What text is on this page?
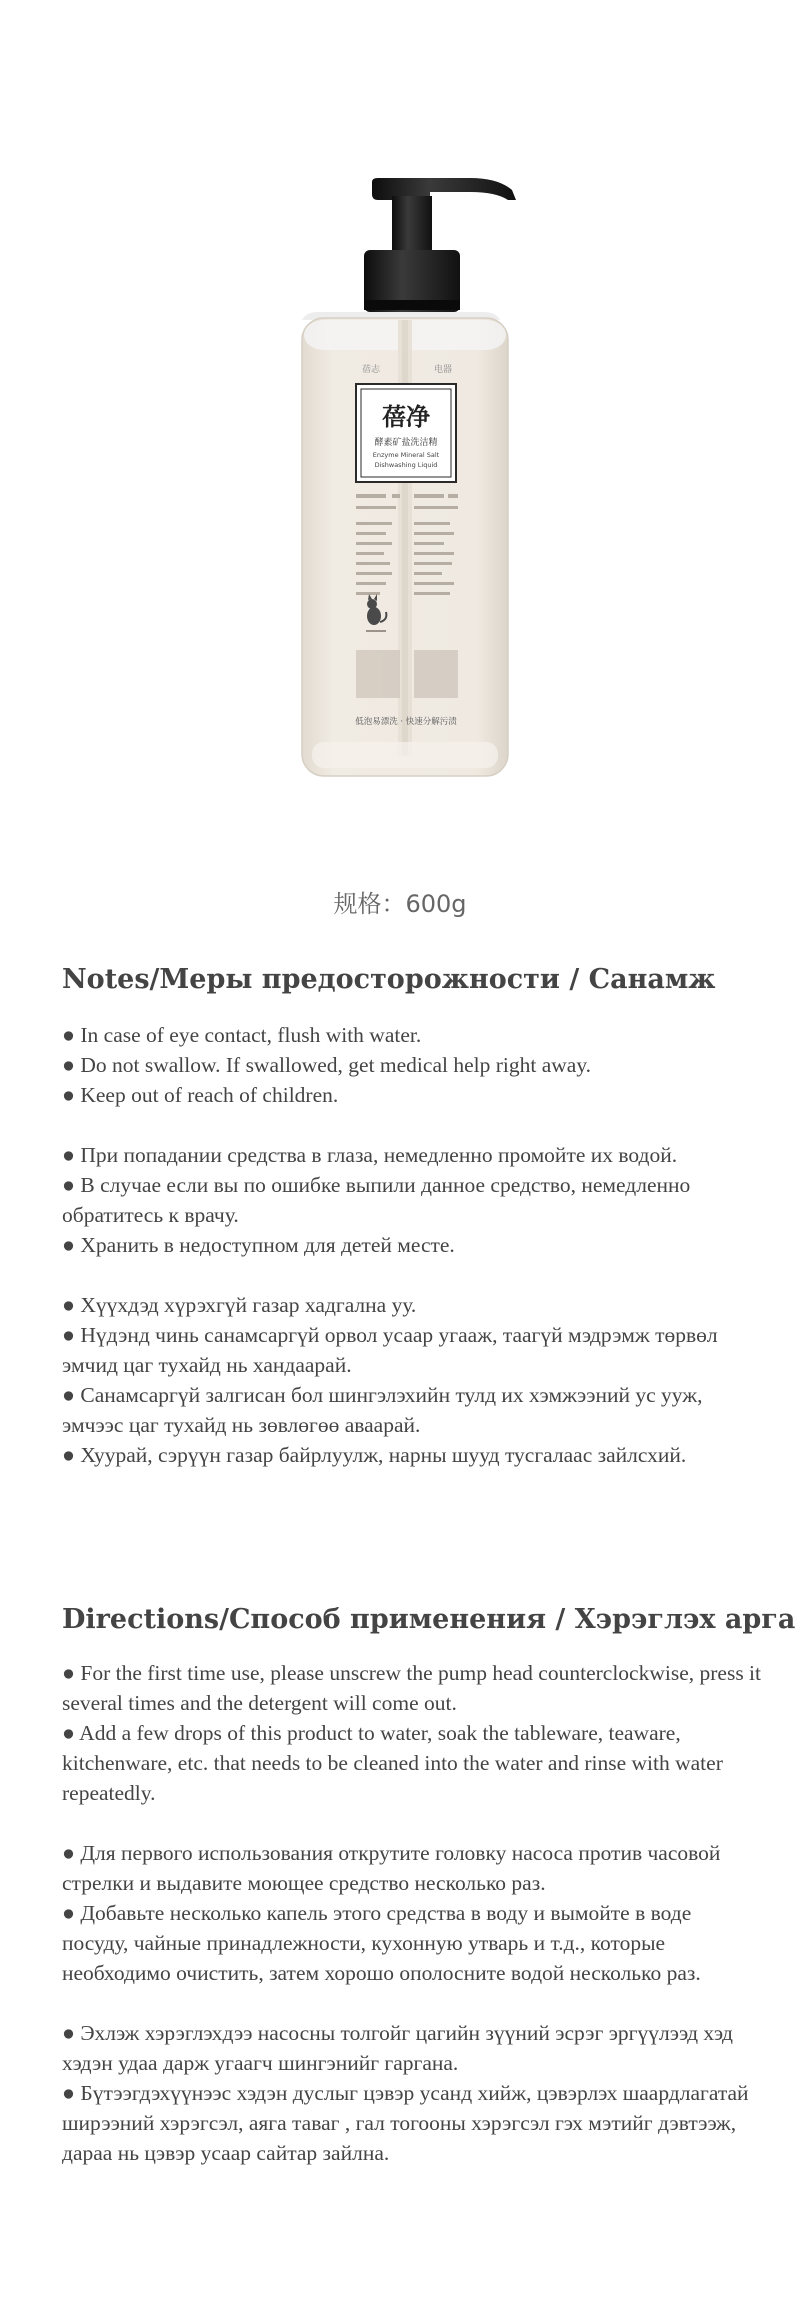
蓓志	电器
蓓净
酵素矿盐洗洁精
Enzyme Mineral Salt
Dishwashing Liquid
低泡易漂洗 · 快速分解污渍
规格：600g
Notes/Меры предосторожности / Санамж

● In case of eye contact, flush with water.

● Do not swallow. If swallowed, get medical help right away.

● Keep out of reach of children.

● При попадании средства в глаза, немедленно промойте их водой.

● В случае если вы по ошибке выпили данное средство, немедленно обратитесь к врачу.

● Хранить в недоступном для детей месте.

● Хүүхдэд хүрэхгүй газар хадгална уу.

● Нүдэнд чинь санамсаргүй орвол усаар угааж, таагүй мэдрэмж төрвөл эмчид цаг тухайд нь хандаарай.

● Санамсаргүй залгисан бол шингэлэхийн тулд их хэмжээний ус ууж, эмчээс цаг тухайд нь зөвлөгөө аваарай.

● Хуурай, сэрүүн газар байрлуулж, нарны шууд тусгалаас зайлсхий.

Directions/Способ применения / Хэрэглэх арга

● For the first time use, please unscrew the pump head counterclockwise, press it several times and the detergent will come out.

● Add a few drops of this product to water, soak the tableware, teaware, kitchenware, etc. that needs to be cleaned into the water and rinse with water repeatedly.

● Для первого использования открутите головку насоса против часовой стрелки и выдавите моющее средство несколько раз.

● Добавьте несколько капель этого средства в воду и вымойте в воде посуду, чайные принадлежности, кухонную утварь и т.д., которые необходимо очистить, затем хорошо ополосните водой несколько раз.

● Эхлэж хэрэглэхдээ насосны толгойг цагийн зүүний эсрэг эргүүлээд хэд хэдэн удаа дарж угаагч шингэнийг гаргана.

● Бүтээгдэхүүнээс хэдэн дуслыг цэвэр усанд хийж, цэвэрлэх шаардлагатай ширээний хэрэгсэл, аяга таваг , гал тогооны хэрэгсэл гэх мэтийг дэвтээж, дараа нь цэвэр усаар сайтар зайлна.
